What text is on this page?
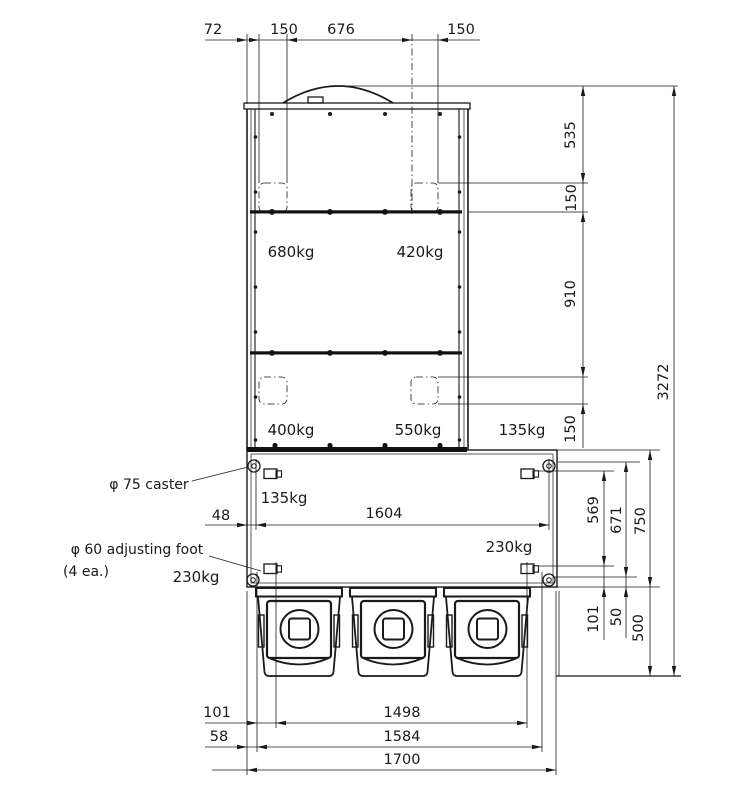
72	150 676	150
680kg	420kg
400kg	550kg	135kg
535
150
910
150
569
101
671
50
750
500
3272
135kg
230kg
48	1604
φ 75 caster
φ 60 adjusting foot
(4 ea.)	230kg
101	1498
58	1584
1700
